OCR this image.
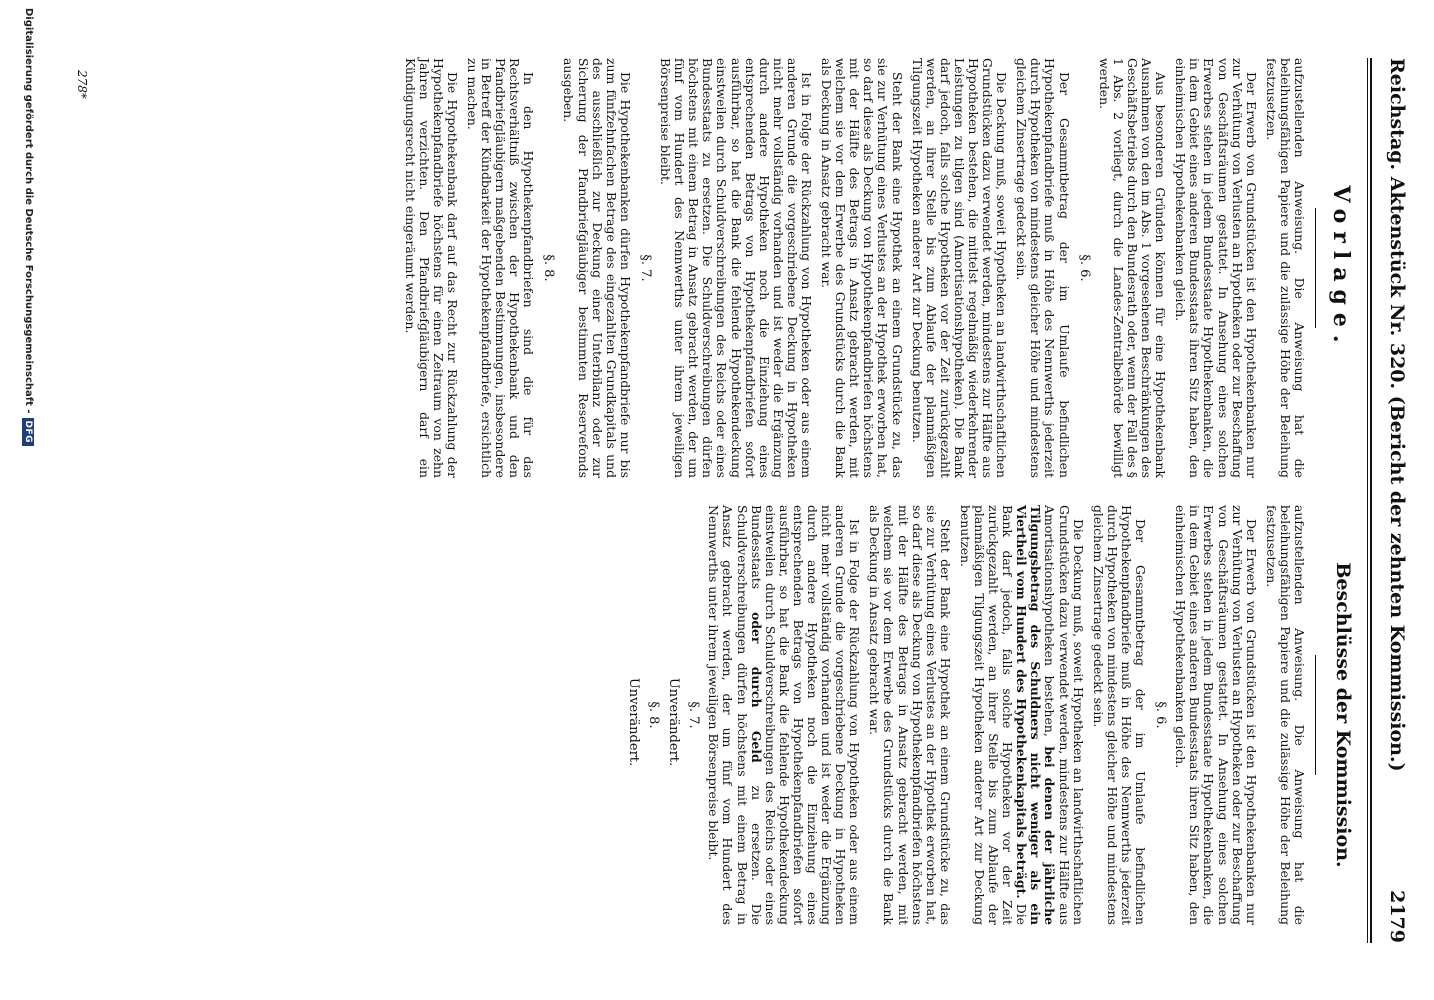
Reichstag. Aktenstück Nr. 320. (Bericht der zehnten Kommission.)
2179
Vorlage.
Beschlüsse der Kommission.

aufzustellenden Anweisung. Die Anweisung hat die beleihungsfähigen Papiere und die zulässige Höhe der Beleihung festzusetzen.

Der Erwerb von Grundstücken ist den Hypothekenbanken nur zur Verhütung von Verlusten an Hypotheken oder zur Beschaffung von Geschäftsräumen gestattet. In Ansehung eines solchen Erwerbes stehen in jedem Bundesstaate Hypothekenbanken, die in dem Gebiet eines anderen Bundesstaats ihren Sitz haben, den einheimischen Hypothekenbanken gleich.

Aus besonderen Gründen können für eine Hypothekenbank Ausnahmen von den im Abs. 1 vorgesehenen Beschränkungen des Geschäftsbetriebs durch den Bundesrath oder, wenn der Fall des § 1 Abs. 2 vorliegt, durch die Landes-Zentralbehörde bewilligt werden.

§. 6.

Der Gesammtbetrag der im Umlaufe befindlichen Hypothekenpfandbriefe muß in Höhe des Nennwerths jederzeit durch Hypotheken von mindestens gleicher Höhe und mindestens gleichem Zinsertrage gedeckt sein.

Die Deckung muß, soweit Hypotheken an landwirthschaftlichen Grundstücken dazu verwendet werden, mindestens zur Hälfte aus Hypotheken bestehen, die mittelst regelmäßig wiederkehrender Leistungen zu tilgen sind (Amortisationshypotheken). Die Bank darf jedoch, falls solche Hypotheken vor der Zeit zurückgezahlt werden, an ihrer Stelle bis zum Ablaufe der planmäßigen Tilgungszeit Hypotheken anderer Art zur Deckung benutzen.

Steht der Bank eine Hypothek an einem Grundstücke zu, das sie zur Verhütung eines Verlustes an der Hypothek erworben hat, so darf diese als Deckung von Hypothekenpfandbriefen höchstens mit der Hälfte des Betrags in Ansatz gebracht werden, mit welchem sie vor dem Erwerbe des Grundstücks durch die Bank als Deckung in Ansatz gebracht war.

Ist in Folge der Rückzahlung von Hypotheken oder aus einem anderen Grunde die vorgeschriebene Deckung in Hypotheken nicht mehr vollständig vorhanden und ist weder die Ergänzung durch andere Hypotheken noch die Einziehung eines entsprechenden Betrags von Hypothekenpfandbriefen sofort ausführbar, so hat die Bank die fehlende Hypothekendeckung einstweilen durch Schuldverschreibungen des Reichs oder eines Bundesstaats zu ersetzen. Die Schuldverschreibungen dürfen höchstens mit einem Betrag in Ansatz gebracht werden, der um fünf vom Hundert des Nennwerths unter ihrem jeweiligen Börsenpreise bleibt.

§. 7.

Die Hypothekenbanken dürfen Hypothekenpfandbriefe nur bis zum fünfzehnfachen Betrage des eingezahlten Grundkapitals und des ausschließlich zur Deckung einer Unterbilanz oder zur Sicherung der Pfandbriefgläubiger bestimmten Reservefonds ausgeben.

§. 8.

In den Hypothekenpfandbriefen sind die für das Rechtsverhältniß zwischen der Hypothekenbank und den Pfandbriefgläubigern maßgebenden Bestimmungen, insbesondere in Betreff der Kündbarkeit der Hypothekenpfandbriefe, ersichtlich zu machen.

Die Hypothekenbank darf auf das Recht zur Rückzahlung der Hypothekenpfandbriefe höchstens für einen Zeitraum von zehn Jahren verzichten. Den Pfandbriefgläubigern darf ein Kündigungsrecht nicht eingeräumt werden.

aufzustellenden Anweisung. Die Anweisung hat die beleihungsfähigen Papiere und die zulässige Höhe der Beleihung festzusetzen.

Der Erwerb von Grundstücken ist den Hypothekenbanken nur zur Verhütung von Verlusten an Hypotheken oder zur Beschaffung von Geschäftsräumen gestattet. In Ansehung eines solchen Erwerbes stehen in jedem Bundesstaate Hypothekenbanken, die in dem Gebiet eines anderen Bundesstaats ihren Sitz haben, den einheimischen Hypothekenbanken gleich.

§. 6.

Der Gesammtbetrag der im Umlaufe befindlichen Hypothekenpfandbriefe muß in Höhe des Nennwerths jederzeit durch Hypotheken von mindestens gleicher Höhe und mindestens gleichem Zinsertrage gedeckt sein.

Die Deckung muß, soweit Hypotheken an landwirthschaftlichen Grundstücken dazu verwendet werden, mindestens zur Hälfte aus Amortisationshypotheken bestehen, bei denen der jährliche Tilgungsbetrag des Schuldners nicht weniger als ein Viertheil vom Hundert des Hypothekenkapitals beträgt. Die Bank darf jedoch, falls solche Hypotheken vor der Zeit zurückgezahlt werden, an ihrer Stelle bis zum Ablaufe der planmäßigen Tilgungszeit Hypotheken anderer Art zur Deckung benutzen.

Steht der Bank eine Hypothek an einem Grundstücke zu, das sie zur Verhütung eines Verlustes an der Hypothek erworben hat, so darf diese als Deckung von Hypothekenpfandbriefen höchstens mit der Hälfte des Betrags in Ansatz gebracht werden, mit welchem sie vor dem Erwerbe des Grundstücks durch die Bank als Deckung in Ansatz gebracht war.

Ist in Folge der Rückzahlung von Hypotheken oder aus einem anderen Grunde die vorgeschriebene Deckung in Hypotheken nicht mehr vollständig vorhanden und ist weder die Ergänzung durch andere Hypotheken noch die Einziehung eines entsprechenden Betrags von Hypothekenpfandbriefen sofort ausführbar, so hat die Bank die fehlende Hypothekendeckung einstweilen durch Schuldverschreibungen des Reichs oder eines Bundesstaats oder durch Geld zu ersetzen. Die Schuldverschreibungen dürfen höchstens mit einem Betrag in Ansatz gebracht werden, der um fünf vom Hundert des Nennwerths unter ihrem jeweiligen Börsenpreise bleibt.

§. 7.

Unverändert.

§. 8.

Unverändert.

278*
Digitalisierung gefördert durch die Deutsche Forschungsgemeinschaft -DFG
